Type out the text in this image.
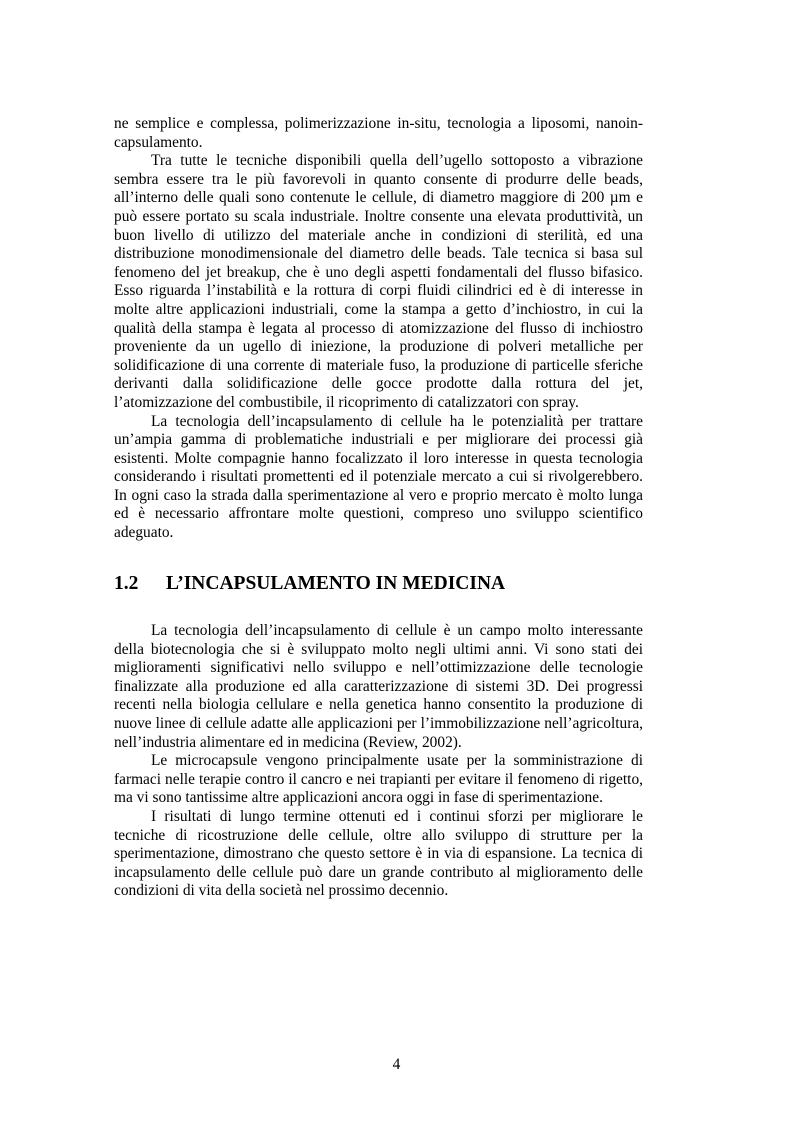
ne semplice e complessa, polimerizzazione in-situ, tecnologia a liposomi, nanoin-capsulamento.

Tra tutte le tecniche disponibili quella dell’ugello sottoposto a vibrazione sembra essere tra le più favorevoli in quanto consente di produrre delle beads, all’interno delle quali sono contenute le cellule, di diametro maggiore di 200 µm e può essere portato su scala industriale. Inoltre consente una elevata produttività, un buon livello di utilizzo del materiale anche in condizioni di sterilità, ed una distribuzione monodimensionale del diametro delle beads. Tale tecnica si basa sul fenomeno del jet breakup, che è uno degli aspetti fondamentali del flusso bifasico. Esso riguarda l’instabilità e la rottura di corpi fluidi cilindrici ed è di interesse in molte altre applicazioni industriali, come la stampa a getto d’inchiostro, in cui la qualità della stampa è legata al processo di atomizzazione del flusso di inchiostro proveniente da un ugello di iniezione, la produzione di polveri metalliche per solidificazione di una corrente di materiale fuso, la produzione di particelle sferiche derivanti dalla solidificazione delle gocce prodotte dalla rottura del jet, l’atomizzazione del combustibile, il ricoprimento di catalizzatori con spray.

La tecnologia dell’incapsulamento di cellule ha le potenzialità per trattare un’ampia gamma di problematiche industriali e per migliorare dei processi già esistenti. Molte compagnie hanno focalizzato il loro interesse in questa tecnologia considerando i risultati promettenti ed il potenziale mercato a cui si rivolgerebbero. In ogni caso la strada dalla sperimentazione al vero e proprio mercato è molto lunga ed è necessario affrontare molte questioni, compreso uno sviluppo scientifico adeguato.

1.2 L’INCAPSULAMENTO IN MEDICINA

La tecnologia dell’incapsulamento di cellule è un campo molto interessante della biotecnologia che si è sviluppato molto negli ultimi anni. Vi sono stati dei miglioramenti significativi nello sviluppo e nell’ottimizzazione delle tecnologie finalizzate alla produzione ed alla caratterizzazione di sistemi 3D. Dei progressi recenti nella biologia cellulare e nella genetica hanno consentito la produzione di nuove linee di cellule adatte alle applicazioni per l’immobilizzazione nell’agricoltura, nell’industria alimentare ed in medicina (Review, 2002).

Le microcapsule vengono principalmente usate per la somministrazione di farmaci nelle terapie contro il cancro e nei trapianti per evitare il fenomeno di rigetto, ma vi sono tantissime altre applicazioni ancora oggi in fase di sperimentazione.

I risultati di lungo termine ottenuti ed i continui sforzi per migliorare le tecniche di ricostruzione delle cellule, oltre allo sviluppo di strutture per la sperimentazione, dimostrano che questo settore è in via di espansione. La tecnica di incapsulamento delle cellule può dare un grande contributo al miglioramento delle condizioni di vita della società nel prossimo decennio.

4
